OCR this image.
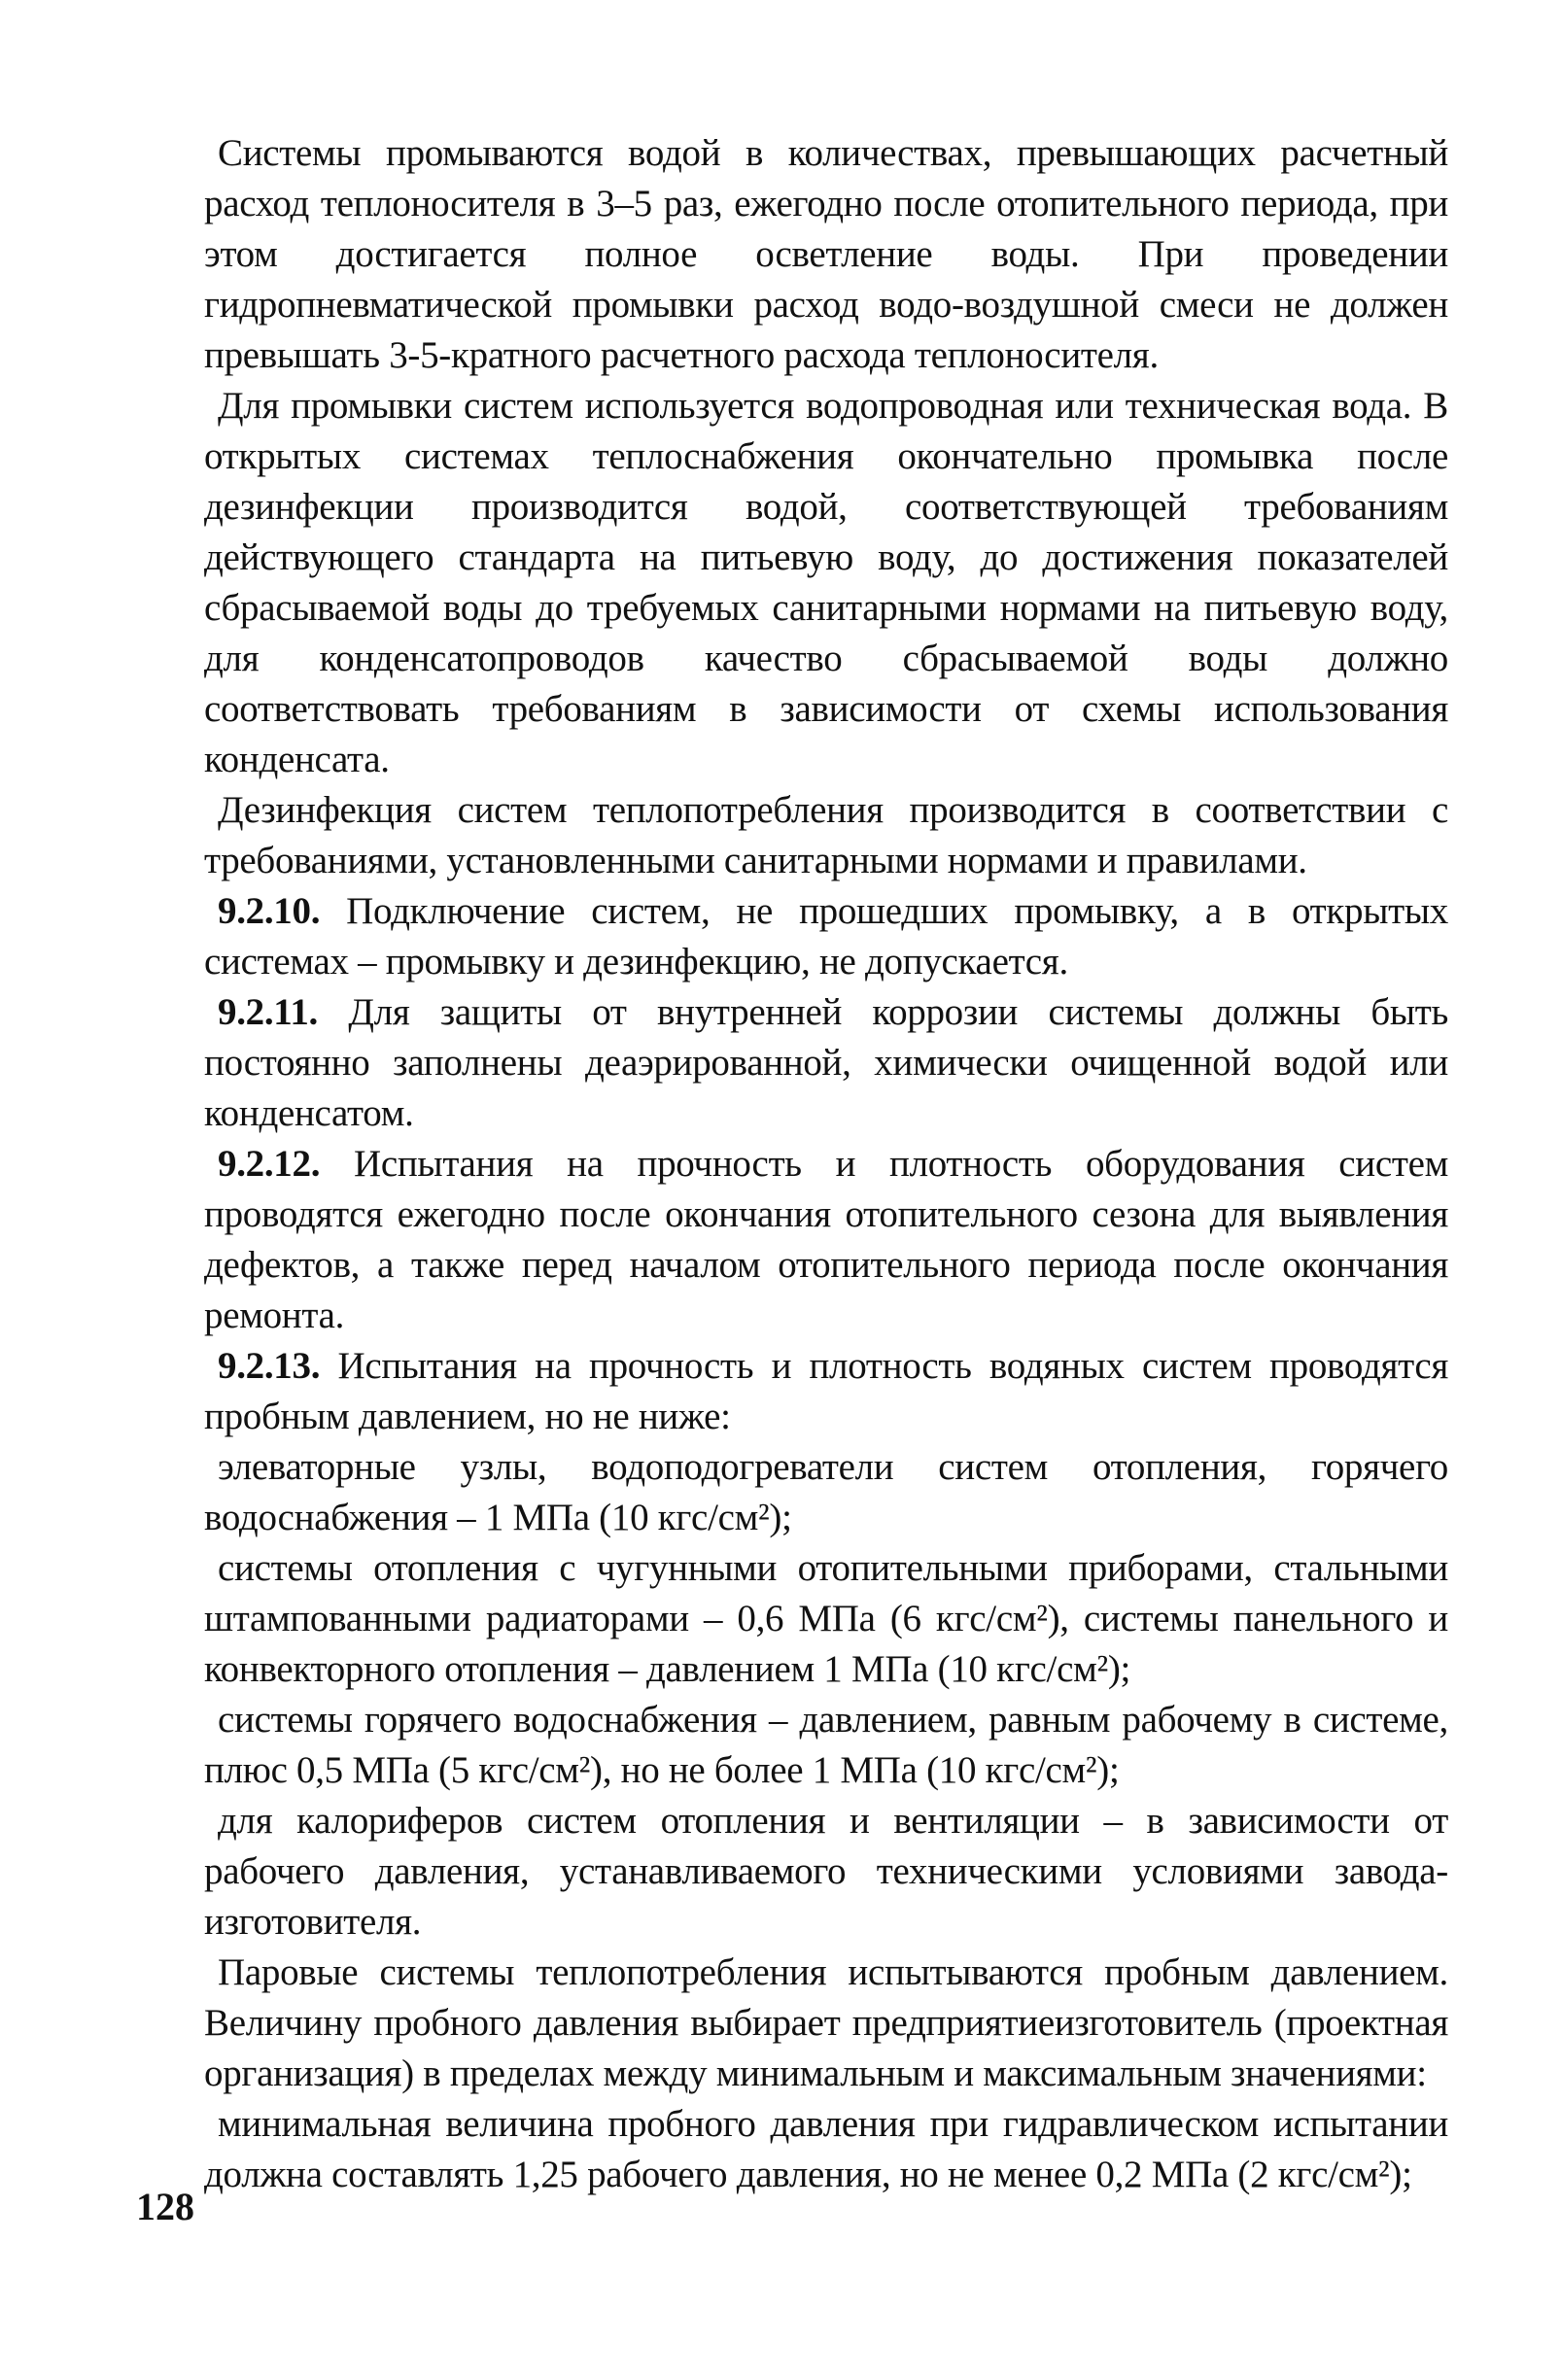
Системы промываются водой в количествах, превышающих расчетный расход теплоносителя в 3–5 раз, ежегодно после отопительного периода, при этом достигается полное осветление воды. При проведении гидропневматической промывки расход водо-воздушной смеси не должен превышать 3-5-кратного расчетного расхода теплоносителя.

Для промывки систем используется водопроводная или техническая вода. В открытых системах теплоснабжения окончательно промывка после дезинфекции производится водой, соответствующей требованиям действующего стандарта на питьевую воду, до достижения показателей сбрасываемой воды до требуемых санитарными нормами на питьевую воду, для конденсатопроводов качество сбрасываемой воды должно соответствовать требованиям в зависимости от схемы использования конденсата.

Дезинфекция систем теплопотребления производится в соответствии с требованиями, установленными санитарными нормами и правилами.

9.2.10. Подключение систем, не прошедших промывку, а в открытых системах – промывку и дезинфекцию, не допускается.

9.2.11. Для защиты от внутренней коррозии системы должны быть постоянно заполнены деаэрированной, химически очищенной водой или конденсатом.

9.2.12. Испытания на прочность и плотность оборудования систем проводятся ежегодно после окончания отопительного сезона для выявления дефектов, а также перед началом отопительного периода после окончания ремонта.

9.2.13. Испытания на прочность и плотность водяных систем проводятся пробным давлением, но не ниже:

элеваторные узлы, водоподогреватели систем отопления, горячего водоснабжения – 1 МПа (10 кгс/см²);

системы отопления с чугунными отопительными приборами, стальными штампованными радиаторами – 0,6 МПа (6 кгс/см²), системы панельного и конвекторного отопления – давлением 1 МПа (10 кгс/см²);

системы горячего водоснабжения – давлением, равным рабочему в системе, плюс 0,5 МПа (5 кгс/см²), но не более 1 МПа (10 кгс/см²);

для калориферов систем отопления и вентиляции – в зависимости от рабочего давления, устанавливаемого техническими условиями завода-изготовителя.

Паровые системы теплопотребления испытываются пробным давлением. Величину пробного давления выбирает предприятиеизготовитель (проектная организация) в пределах между минимальным и максимальным значениями:

минимальная величина пробного давления при гидравлическом испытании должна составлять 1,25 рабочего давления, но не менее 0,2 МПа (2 кгс/см²);

128
